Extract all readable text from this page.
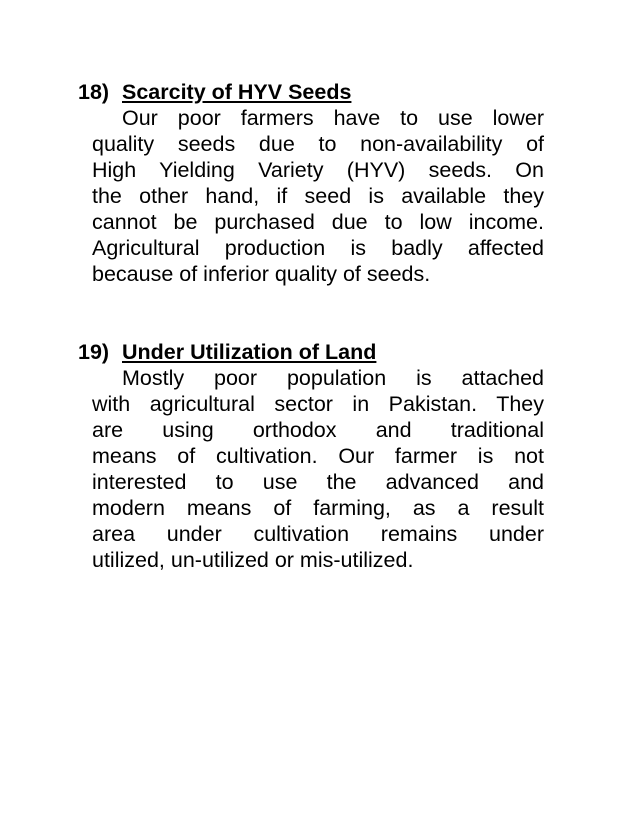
18) Scarcity of HYV Seeds
Our poor farmers have to use lower
quality seeds due to non-availability of
High Yielding Variety (HYV) seeds. On
the other hand, if seed is available they
cannot be purchased due to low income.
Agricultural production is badly affected
because of inferior quality of seeds.
19) Under Utilization of Land
Mostly poor population is attached
with agricultural sector in Pakistan. They
are using orthodox and traditional
means of cultivation. Our farmer is not
interested to use the advanced and
modern means of farming, as a result
area under cultivation remains under
utilized, un-utilized or mis-utilized.
